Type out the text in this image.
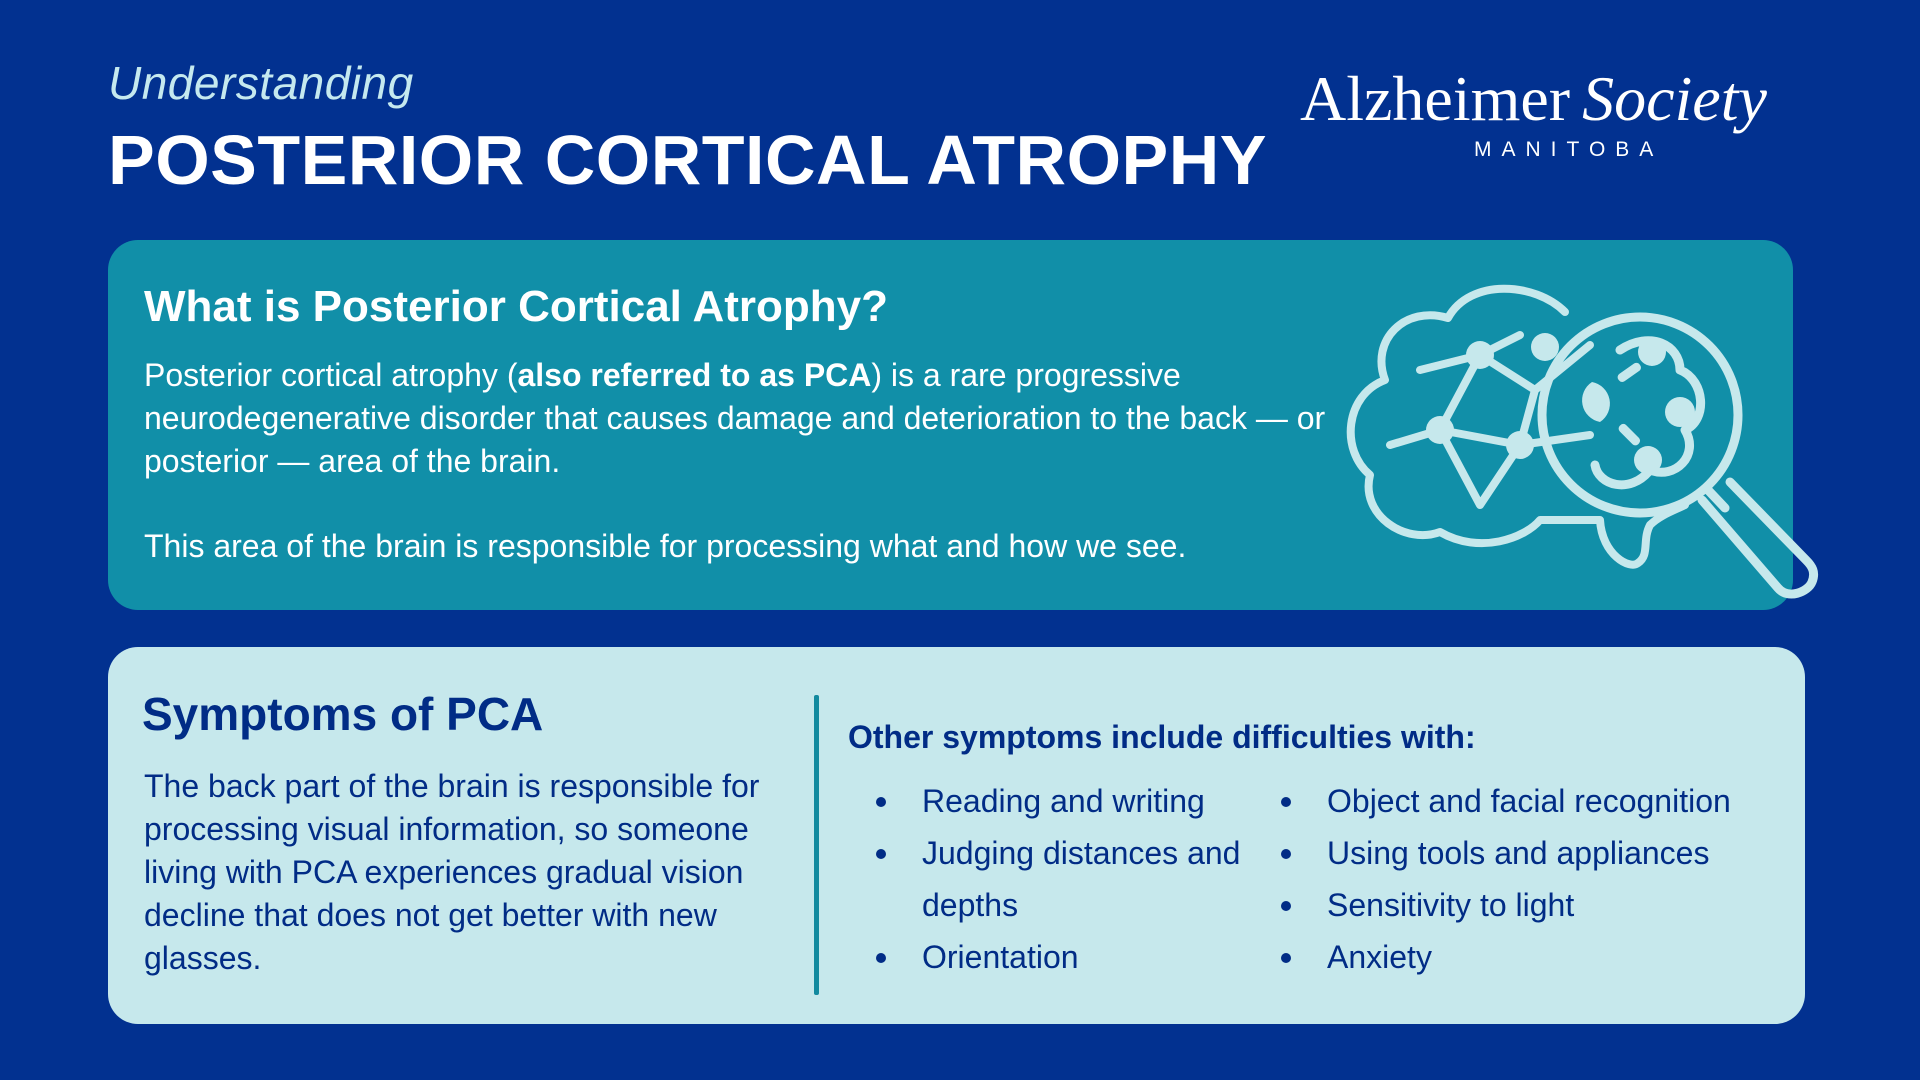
Understanding
POSTERIOR CORTICAL ATROPHY
Alzheimer Society
MANITOBA
What is Posterior Cortical Atrophy?

Posterior cortical atrophy (also referred to as PCA) is a rare progressive neurodegenerative disorder that causes damage and deterioration to the back — or posterior — area of the brain.

This area of the brain is responsible for processing what and how we see.

Symptoms of PCA

The back part of the brain is responsible for processing visual information, so someone living with PCA experiences gradual vision decline that does not get better with new glasses.

Other symptoms include difficulties with:

Reading and writing
Judging distances and depths
Orientation
Object and facial recognition
Using tools and appliances
Sensitivity to light
Anxiety
